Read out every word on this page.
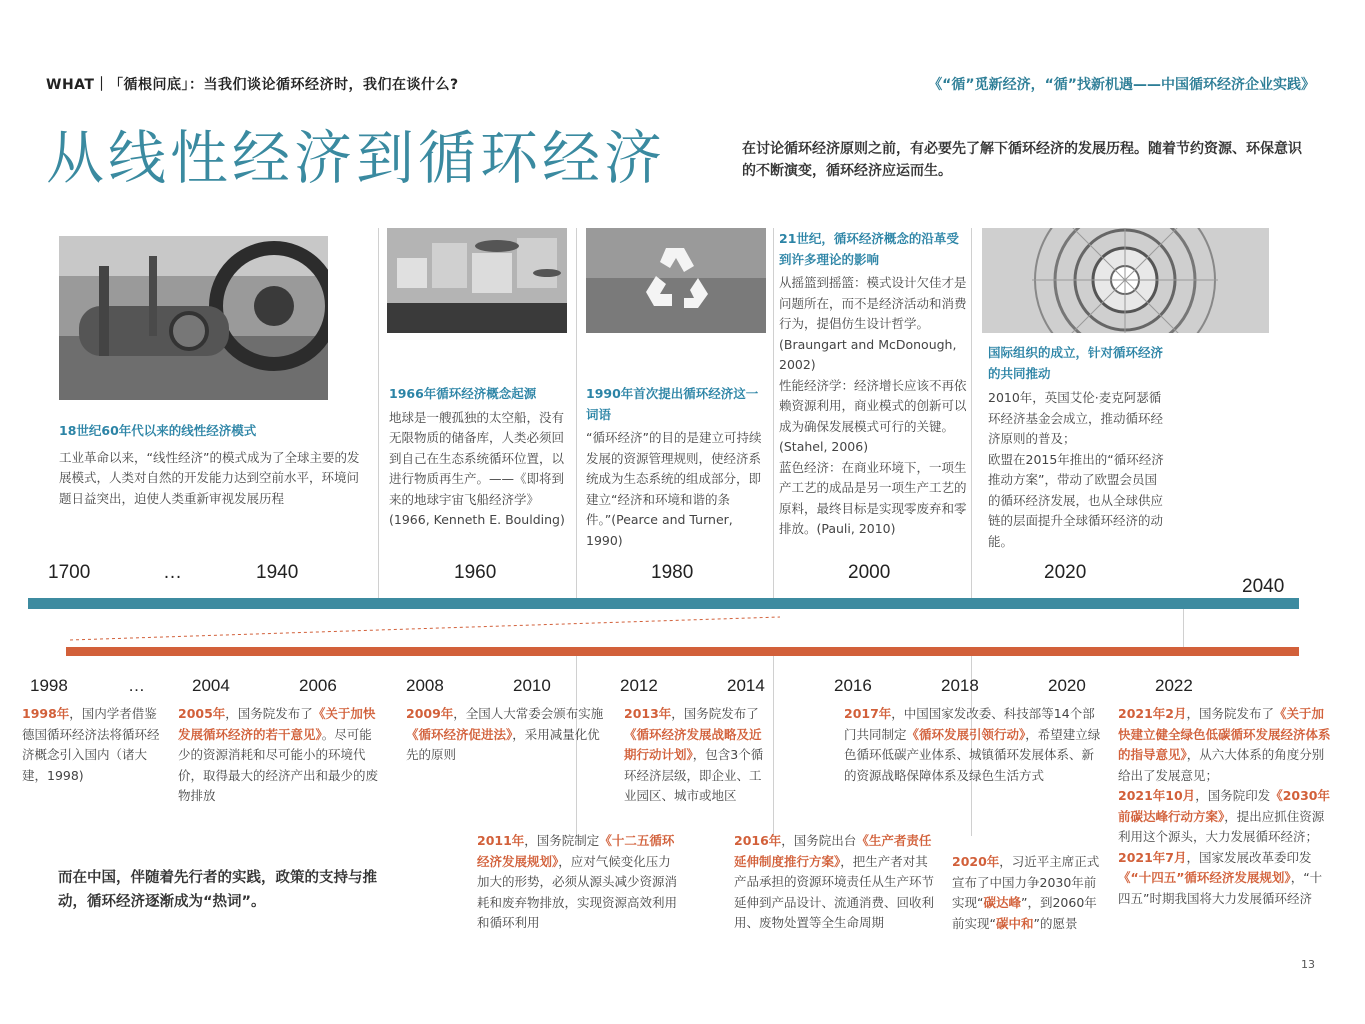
WHAT｜「循根问底」：当我们谈论循环经济时，我们在谈什么?	《“循”觅新经济，“循”找新机遇——中国循环经济企业实践》
从线性经济到循环经济	在讨论循环经济原则之前，有必要先了解下循环经济的发展历程。随着节约资源、环保意识的不断演变，循环经济应运而生。
18世纪60年代以来的线性经济模式
工业革命以来，“线性经济”的模式成为了全球主要的发展模式，人类对自然的开发能力达到空前水平，环境问题日益突出，迫使人类重新审视发展历程
1966年循环经济概念起源
地球是一艘孤独的太空船，没有无限物质的储备库，人类必须回到自己在生态系统循环位置，以进行物质再生产。——《即将到来的地球宇宙飞船经济学》(1966, Kenneth E. Boulding)
1990年首次提出循环经济这一词语
“循环经济”的目的是建立可持续发展的资源管理规则，使经济系统成为生态系统的组成部分，即建立“经济和环境和谐的条件。”(Pearce and Turner, 1990)
21世纪，循环经济概念的沿革受到许多理论的影响
从摇篮到摇篮：模式设计欠佳才是问题所在，而不是经济活动和消费行为，提倡仿生设计哲学。(Braungart and McDonough, 2002)
性能经济学：经济增长应该不再依赖资源利用，商业模式的创新可以成为确保发展模式可行的关键。(Stahel, 2006)
蓝色经济：在商业环境下，一项生产工艺的成品是另一项生产工艺的原料，最终目标是实现零废弃和零排放。(Pauli, 2010)
国际组织的成立，针对循环经济的共同推动
2010年，英国艾伦·麦克阿瑟循环经济基金会成立，推动循环经济原则的普及；
欧盟在2015年推出的“循环经济推动方案”，带动了欧盟会员国的循环经济发展，也从全球供应链的层面提升全球循环经济的动能。
1700	…	1940	1960	1980	2000	2020
2040
1998	…	2004	2006	2008	2010	2012	2014	2016	2018	2020	2022
1998年，国内学者借鉴德国循环经济法将循环经济概念引入国内（诸大建，1998)
2005年，国务院发布了《关于加快发展循环经济的若干意见》。尽可能少的资源消耗和尽可能小的环境代价，取得最大的经济产出和最少的废物排放
2009年，全国人大常委会颁布实施《循环经济促进法》，采用减量化优先的原则
2013年，国务院发布了《循环经济发展战略及近期行动计划》，包含3个循环经济层级，即企业、工业园区、城市或地区
2017年，中国国家发改委、科技部等14个部门共同制定《循环发展引领行动》，希望建立绿色循环低碳产业体系、城镇循环发展体系、新的资源战略保障体系及绿色生活方式
2021年2月，国务院发布了《关于加快建立健全绿色低碳循环发展经济体系的指导意见》，从六大体系的角度分别给出了发展意见；
2021年10月，国务院印发《2030年前碳达峰行动方案》，提出应抓住资源利用这个源头，大力发展循环经济；
2021年7月，国家发展改革委印发《“十四五”循环经济发展规划》，“十四五”时期我国将大力发展循环经济
2011年，国务院制定《十二五循环经济发展规划》，应对气候变化压力加大的形势，必须从源头减少资源消耗和废弃物排放，实现资源高效利用和循环利用
2016年，国务院出台《生产者责任延伸制度推行方案》，把生产者对其产品承担的资源环境责任从生产环节延伸到产品设计、流通消费、回收利用、废物处置等全生命周期
2020年，习近平主席正式宣布了中国力争2030年前实现“碳达峰”，到2060年前实现“碳中和”的愿景
而在中国，伴随着先行者的实践，政策的支持与推动，循环经济逐渐成为“热词”。
13
